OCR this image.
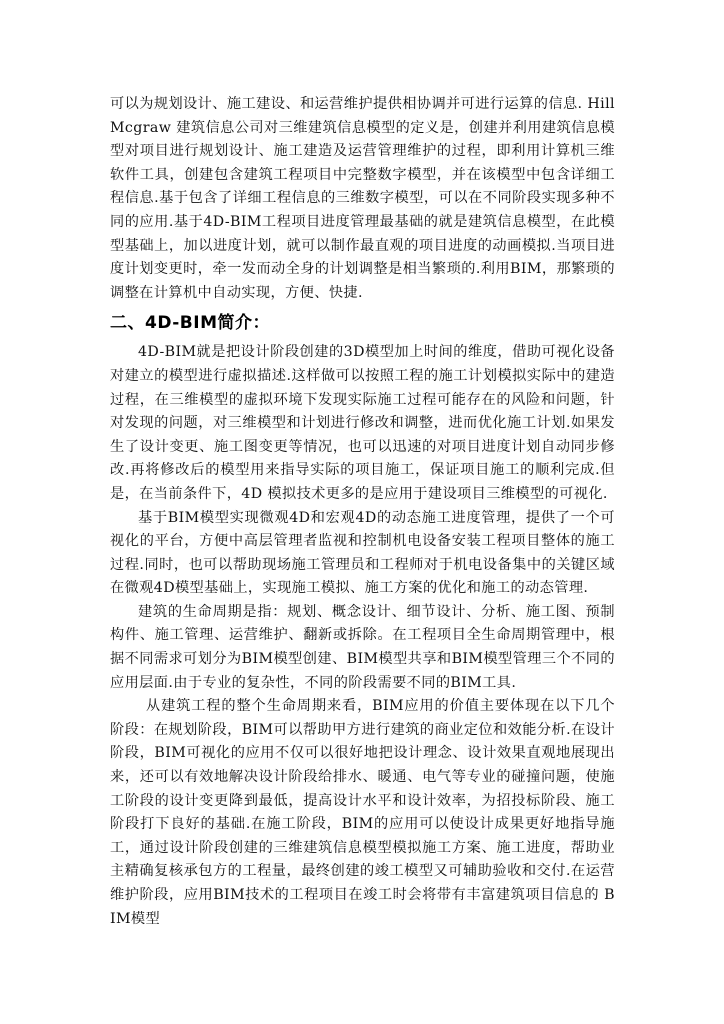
可以为规划设计、施工建设、和运营维护提供相协调并可进行运算的信息. Hill Mcgraw 建筑信息公司对三维建筑信息模型的定义是，创建并利用建筑信息模型对项目进行规划设计、施工建造及运营管理维护的过程，即利用计算机三维软件工具，创建包含建筑工程项目中完整数字模型，并在该模型中包含详细工程信息.基于包含了详细工程信息的三维数字模型，可以在不同阶段实现多种不同的应用.基于4D-BIM工程项目进度管理最基础的就是建筑信息模型，在此模型基础上，加以进度计划，就可以制作最直观的项目进度的动画模拟.当项目进度计划变更时，牵一发而动全身的计划调整是相当繁琐的.利用BIM，那繁琐的调整在计算机中自动实现，方便、快捷.

二、4D-BIM简介：

4D-BIM就是把设计阶段创建的3D模型加上时间的维度，借助可视化设备对建立的模型进行虚拟描述.这样做可以按照工程的施工计划模拟实际中的建造过程，在三维模型的虚拟环境下发现实际施工过程可能存在的风险和问题，针对发现的问题，对三维模型和计划进行修改和调整，进而优化施工计划.如果发生了设计变更、施工图变更等情况，也可以迅速的对项目进度计划自动同步修改.再将修改后的模型用来指导实际的项目施工，保证项目施工的顺利完成.但是，在当前条件下，4D 模拟技术更多的是应用于建设项目三维模型的可视化.

基于BIM模型实现微观4D和宏观4D的动态施工进度管理，提供了一个可视化的平台，方便中高层管理者监视和控制机电设备安装工程项目整体的施工过程.同时，也可以帮助现场施工管理员和工程师对于机电设备集中的关键区域在微观4D模型基础上，实现施工模拟、施工方案的优化和施工的动态管理.

建筑的生命周期是指：规划、概念设计、细节设计、分析、施工图、预制构件、施工管理、运营维护、翻新或拆除。在工程项目全生命周期管理中，根据不同需求可划分为BIM模型创建、BIM模型共享和BIM模型管理三个不同的应用层面.由于专业的复杂性，不同的阶段需要不同的BIM工具.

从建筑工程的整个生命周期来看，BIM应用的价值主要体现在以下几个阶段：在规划阶段，BIM可以帮助甲方进行建筑的商业定位和效能分析.在设计阶段，BIM可视化的应用不仅可以很好地把设计理念、设计效果直观地展现出来，还可以有效地解决设计阶段给排水、暖通、电气等专业的碰撞问题，使施工阶段的设计变更降到最低，提高设计水平和设计效率，为招投标阶段、施工阶段打下良好的基础.在施工阶段，BIM的应用可以使设计成果更好地指导施工，通过设计阶段创建的三维建筑信息模型模拟施工方案、施工进度，帮助业主精确复核承包方的工程量，最终创建的竣工模型又可辅助验收和交付.在运营维护阶段，应用BIM技术的工程项目在竣工时会将带有丰富建筑项目信息的 BIM模型
